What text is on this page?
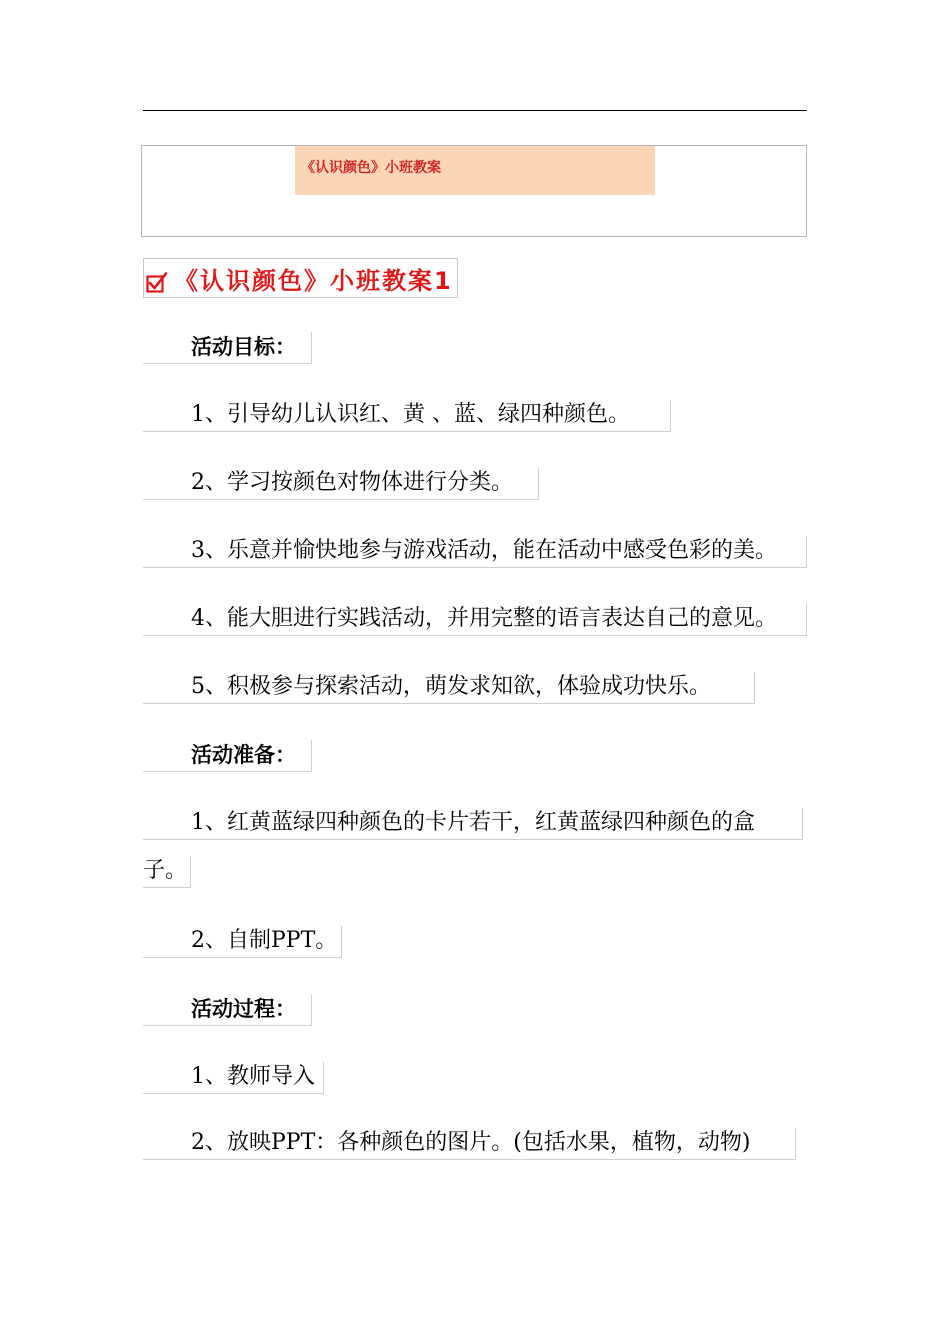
《认识颜色》小班教案
《认识颜色》小班教案1
活动目标：
1、引导幼儿认识红、黄 、蓝、绿四种颜色。
2、学习按颜色对物体进行分类。
3、乐意并愉快地参与游戏活动，能在活动中感受色彩的美。
4、能大胆进行实践活动，并用完整的语言表达自己的意见。
5、积极参与探索活动，萌发求知欲，体验成功快乐。
活动准备：
1、红黄蓝绿四种颜色的卡片若干，红黄蓝绿四种颜色的盒
子。
2、自制PPT。
活动过程：
1、教师导入
2、放映PPT：各种颜色的图片。(包括水果，植物，动物)
